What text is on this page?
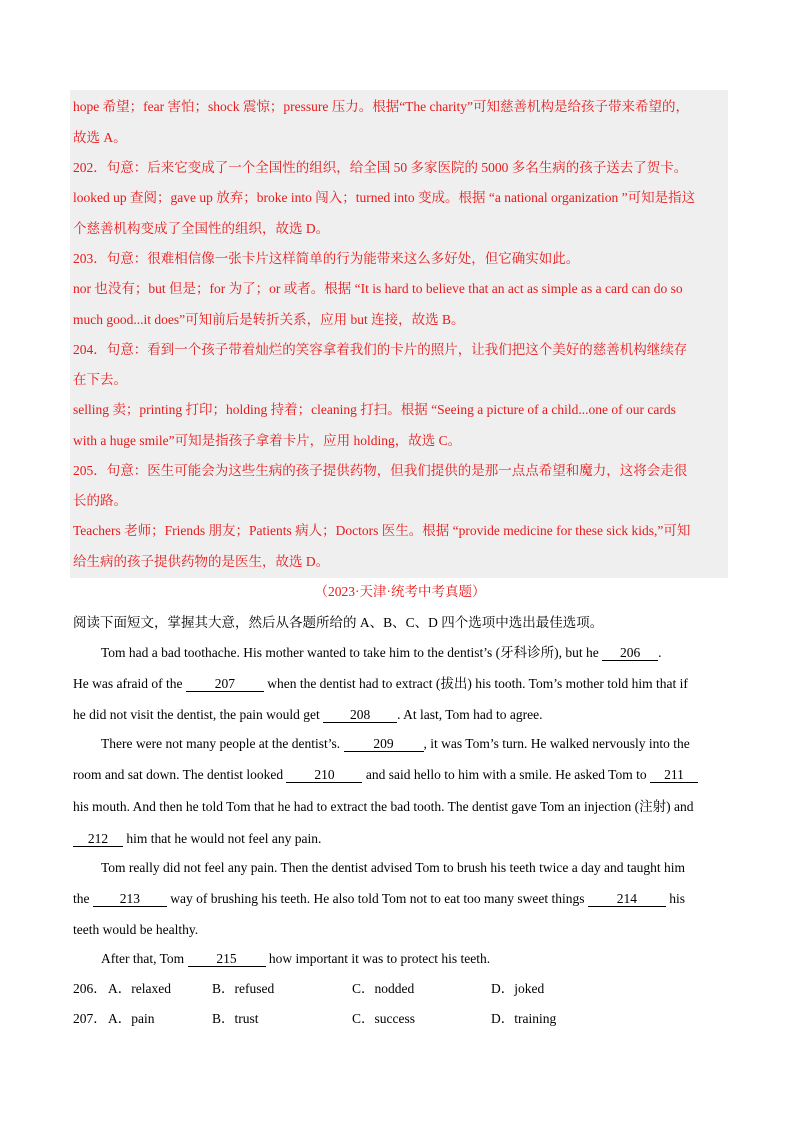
hope 希望；fear 害怕；shock 震惊；pressure 压力。根据“The charity”可知慈善机构是给孩子带来希望的，
故选 A。
202．句意：后来它变成了一个全国性的组织，给全国 50 多家医院的 5000 多名生病的孩子送去了贺卡。
looked up 查阅；gave up 放弃；broke into 闯入；turned into 变成。根据 “a national organization ”可知是指这
个慈善机构变成了全国性的组织，故选 D。
203．句意：很难相信像一张卡片这样简单的行为能带来这么多好处，但它确实如此。
nor 也没有；but 但是；for 为了；or 或者。根据 “It is hard to believe that an act as simple as a card can do so
much good...it does”可知前后是转折关系，应用 but 连接，故选 B。
204．句意：看到一个孩子带着灿烂的笑容拿着我们的卡片的照片，让我们把这个美好的慈善机构继续存
在下去。
selling 卖；printing 打印；holding 持着；cleaning 打扫。根据 “Seeing a picture of a child...one of our cards
with a huge smile”可知是指孩子拿着卡片，应用 holding，故选 C。
205．句意：医生可能会为这些生病的孩子提供药物，但我们提供的是那一点点希望和魔力，这将会走很
长的路。
Teachers 老师；Friends 朋友；Patients 病人；Doctors 医生。根据 “provide medicine for these sick kids,”可知
给生病的孩子提供药物的是医生，故选 D。
（2023·天津·统考中考真题）
阅读下面短文，掌握其大意，然后从各题所给的 A、B、C、D 四个选项中选出最佳选项。
Tom had a bad toothache. His mother wanted to take him to the dentist’s (牙科诊所), but he 206 .
He was afraid of the 207 when the dentist had to extract (拔出) his tooth. Tom’s mother told him that if
he did not visit the dentist, the pain would get 208 . At last, Tom had to agree.
There were not many people at the dentist’s. 209 , it was Tom’s turn. He walked nervously into the
room and sat down. The dentist looked 210 and said hello to him with a smile. He asked Tom to 211
his mouth. And then he told Tom that he had to extract the bad tooth. The dentist gave Tom an injection (注射) and
212 him that he would not feel any pain.
Tom really did not feel any pain. Then the dentist advised Tom to brush his teeth twice a day and taught him
the 213 way of brushing his teeth. He also told Tom not to eat too many sweet things 214 his
teeth would be healthy.
After that, Tom 215 how important it was to protect his teeth.
206． A．relaxed	B．refused	C．nodded	D．joked
207． A．pain	B．trust	C．success	D．training
